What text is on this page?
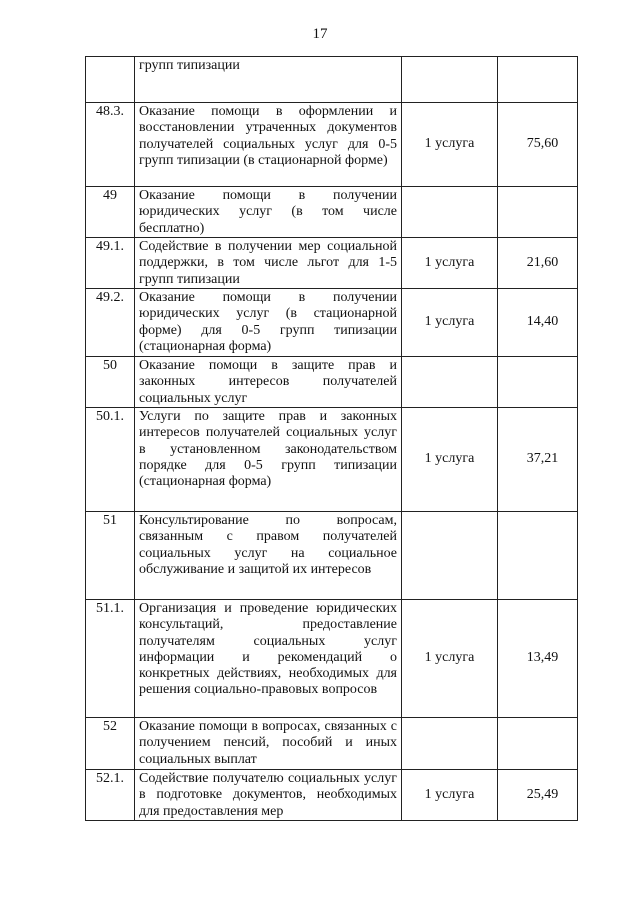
17
	групп типизации		
48.3.	Оказание помощи в оформлении и восстановлении утраченных документов получателей социальных услуг для 0-5 групп типизации (в стационарной форме)	1 услуга	75,60
49	Оказание помощи в получении юридических услуг (в том числе бесплатно)		
49.1.	Содействие в получении мер социальной поддержки, в том числе льгот для 1-5 групп типизации	1 услуга	21,60
49.2.	Оказание помощи в получении юридических услуг (в стационарной форме) для 0-5 групп типизации (стационарная форма)	1 услуга	14,40
50	Оказание помощи в защите прав и законных интересов получателей социальных услуг		
50.1.	Услуги по защите прав и законных интересов получателей социальных услуг в установленном законодательством порядке для 0-5 групп типизации (стационарная форма)	1 услуга	37,21
51	Консультирование по вопросам, связанным с правом получателей социальных услуг на социальное обслуживание и защитой их интересов		
51.1.	Организация и проведение юридических консультаций, предоставление получателям социальных услуг информации и рекомендаций о конкретных действиях, необходимых для решения социально-правовых вопросов	1 услуга	13,49
52	Оказание помощи в вопросах, связанных с получением пенсий, пособий и иных социальных выплат		
52.1.	Содействие получателю социальных услуг в подготовке документов, необходимых для предоставления мер	1 услуга	25,49
